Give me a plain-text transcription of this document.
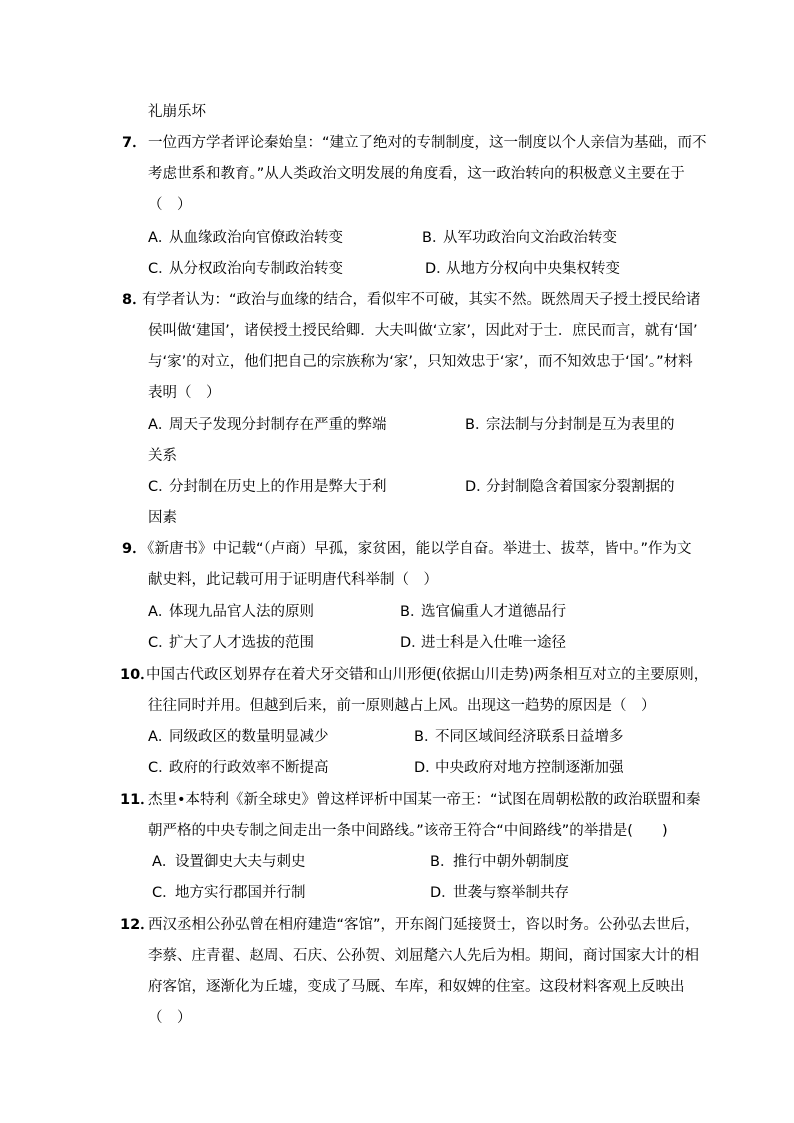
礼崩乐坏
7． 一位西方学者评论秦始皇：“建立了绝对的专制制度，这一制度以个人亲信为基础，而不
考虑世系和教育。”从人类政治文明发展的角度看，这一政治转向的积极意义主要在于
（　）
A．
从血缘政治向官僚政治转变	B．
从军功政治向文治政治转变
C．
从分权政治向专制政治转变	D．
从地方分权向中央集权转变
8．
有学者认为：“政治与血缘的结合，看似牢不可破，其实不然。既然周天子授土授民给诸
侯叫做‘建国’，诸侯授土授民给卿．大夫叫做‘立家’，因此对于士．庶民而言，就有‘国’
与‘家’的对立，他们把自己的宗族称为‘家’，只知效忠于‘家’，而不知效忠于‘国’。”材料
表明（　）
A．
周天子发现分封制存在严重的弊端	B．
宗法制与分封制是互为表里的
关系
C．
分封制在历史上的作用是弊大于利	D．
分封制隐含着国家分裂割据的
因素
9．
《新唐书》中记载“（卢商）早孤，家贫困，能以学自奋。举进士、拔萃，皆中。”作为文
献史料，此记载可用于证明唐代科举制（　）
A．
体现九品官人法的原则	B．
选官偏重人才道德品行
C．
扩大了人才选拔的范围	D．
进士科是入仕唯一途径
10．
中国古代政区划界存在着犬牙交错和山川形便(依据山川走势)两条相互对立的主要原则，
往往同时并用。但越到后来，前一原则越占上风。出现这一趋势的原因是（　）
A．
同级政区的数量明显减少	B．
不同区域间经济联系日益增多
C．
政府的行政效率不断提高	D．
中央政府对地方控制逐渐加强
11．
杰里•本特利《新全球史》曾这样评析中国某一帝王：“试图在周朝松散的政治联盟和秦
朝严格的中央专制之间走出一条中间路线。”该帝王符合“中间路线”的举措是(　　)
A．
设置御史大夫与刺史	B．
推行中朝外朝制度
C．
地方实行郡国并行制	D．
世袭与察举制共存
12．
西汉丞相公孙弘曾在相府建造“客馆”，开东阁门延接贤士，咨以时务。公孙弘去世后，
李蔡、庄青翟、赵周、石庆、公孙贺、刘屈氂六人先后为相。期间，商讨国家大计的相
府客馆，逐渐化为丘墟，变成了马厩、车库，和奴婢的住室。这段材料客观上反映出
（　）
